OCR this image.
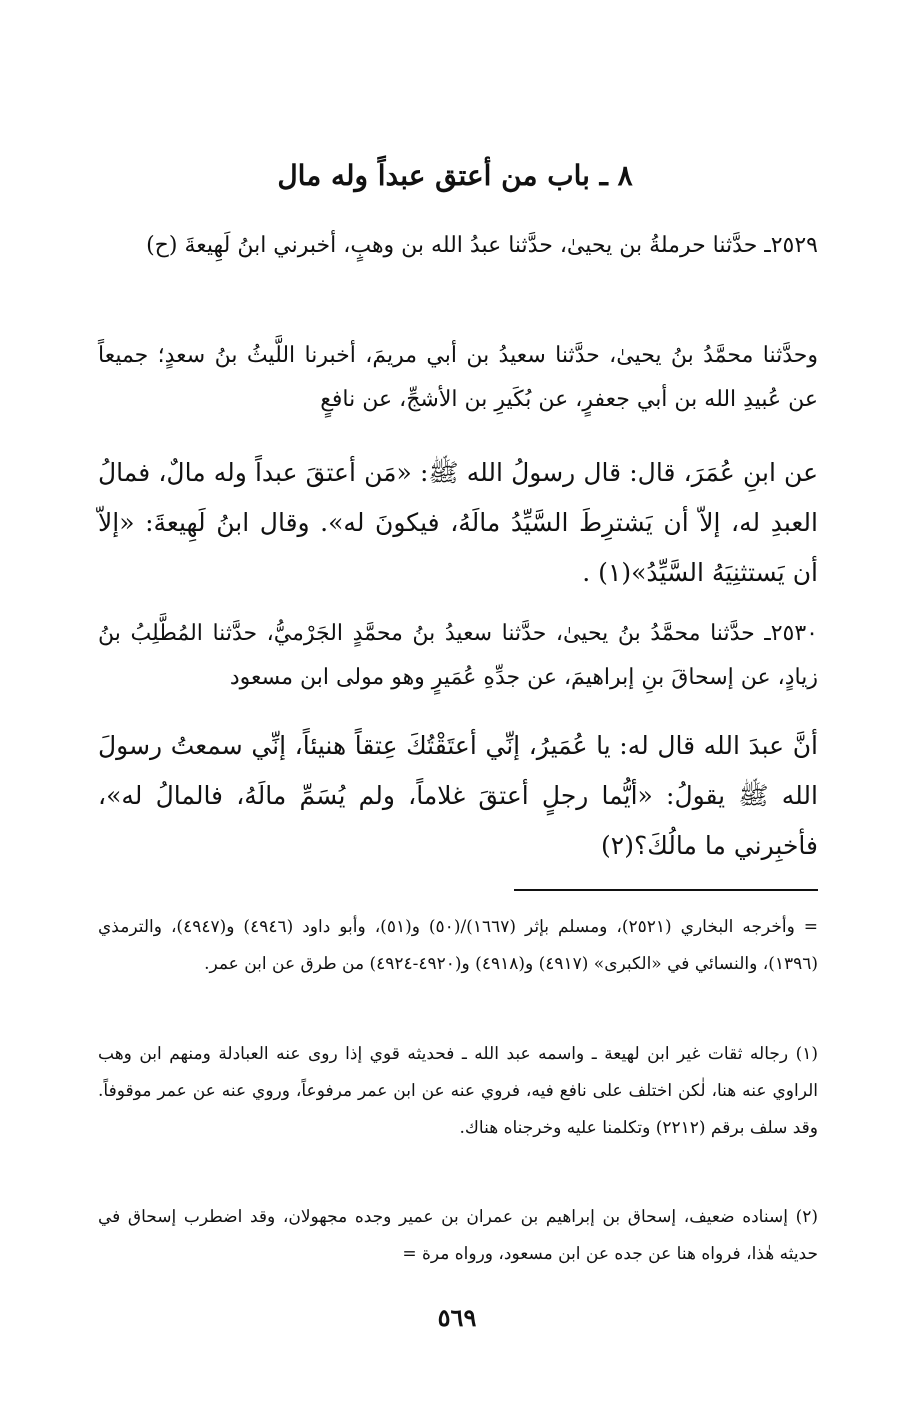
٨ ـ باب من أعتق عبداً وله مال

٢٥٢٩ـ حدَّثنا حرملةُ بن يحيىٰ، حدَّثنا عبدُ الله بن وهبٍ، أخبرني ابنُ لَهِيعةَ (ح)

وحدَّثنا محمَّدُ بنُ يحيىٰ، حدَّثنا سعيدُ بن أبي مريمَ، أخبرنا اللَّيثُ بنُ سعدٍ؛ جميعاً عن عُبيدِ الله بن أبي جعفرٍ، عن بُكَيرِ بن الأشجِّ، عن نافعٍ

عن ابنِ عُمَرَ، قال: قال رسولُ الله ﷺ: «مَن أعتقَ عبداً وله مالٌ، فمالُ العبدِ له، إلاّ أن يَشترِطَ السَّيِّدُ مالَهُ، فيكونَ له». وقال ابنُ لَهِيعةَ: «إلاّ أن يَستثنِيَهُ السَّيِّدُ»(١) .

٢٥٣٠ـ حدَّثنا محمَّدُ بنُ يحيىٰ، حدَّثنا سعيدُ بنُ محمَّدٍ الجَرْميُّ، حدَّثنا المُطَّلِبُ بنُ زيادٍ، عن إسحاقَ بنِ إبراهيمَ، عن جدِّهِ عُمَيرٍ وهو مولى ابن مسعود

أنَّ عبدَ الله قال له: يا عُمَيرُ، إنِّي أعتَقْتُكَ عِتقاً هنيئاً، إنِّي سمعتُ رسولَ الله ﷺ يقولُ: «أيُّما رجلٍ أعتقَ غلاماً، ولم يُسَمِّ مالَهُ، فالمالُ له»، فأخبِرني ما مالُكَ؟(٢)

= وأخرجه البخاري (٢٥٢١)، ومسلم بإثر (١٦٦٧)/(٥٠) و(٥١)، وأبو داود (٤٩٤٦) و(٤٩٤٧)، والترمذي (١٣٩٦)، والنسائي في «الكبرى» (٤٩١٧) و(٤٩١٨) و(٤٩٢٠-٤٩٢٤) من طرق عن ابن عمر.

(١) رجاله ثقات غير ابن لهيعة ـ واسمه عبد الله ـ فحديثه قوي إذا روى عنه العبادلة ومنهم ابن وهب الراوي عنه هنا، لٰكن اختلف على نافع فيه، فروي عنه عن ابن عمر مرفوعاً، وروي عنه عن عمر موقوفاً. وقد سلف برقم (٢٢١٢) وتكلمنا عليه وخرجناه هناك.

(٢) إسناده ضعيف، إسحاق بن إبراهيم بن عمران بن عمير وجده مجهولان، وقد اضطرب إسحاق في حديثه هٰذا، فرواه هنا عن جده عن ابن مسعود، ورواه مرة =

٥٦٩
